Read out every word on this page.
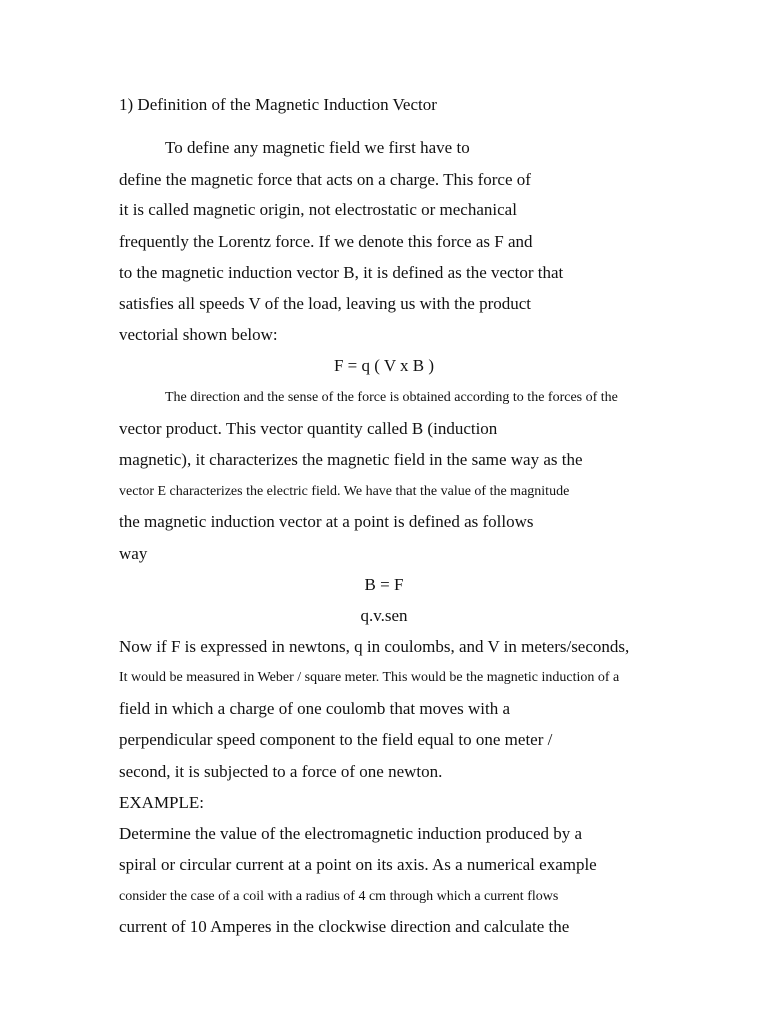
1) Definition of the Magnetic Induction Vector
To define any magnetic field we first have to
define the magnetic force that acts on a charge. This force of
it is called magnetic origin, not electrostatic or mechanical
frequently the Lorentz force. If we denote this force as F and
to the magnetic induction vector B, it is defined as the vector that
satisfies all speeds V of the load, leaving us with the product
vectorial shown below:
F = q ( V x B )
The direction and the sense of the force is obtained according to the forces of the
vector product. This vector quantity called B (induction
magnetic), it characterizes the magnetic field in the same way as the
vector E characterizes the electric field. We have that the value of the magnitude
the magnetic induction vector at a point is defined as follows
way
B = F
q.v.sen
Now if F is expressed in newtons, q in coulombs, and V in meters/seconds,
It would be measured in Weber / square meter. This would be the magnetic induction of a
field in which a charge of one coulomb that moves with a
perpendicular speed component to the field equal to one meter /
second, it is subjected to a force of one newton.
EXAMPLE:
Determine the value of the electromagnetic induction produced by a
spiral or circular current at a point on its axis. As a numerical example
consider the case of a coil with a radius of 4 cm through which a current flows
current of 10 Amperes in the clockwise direction and calculate the
